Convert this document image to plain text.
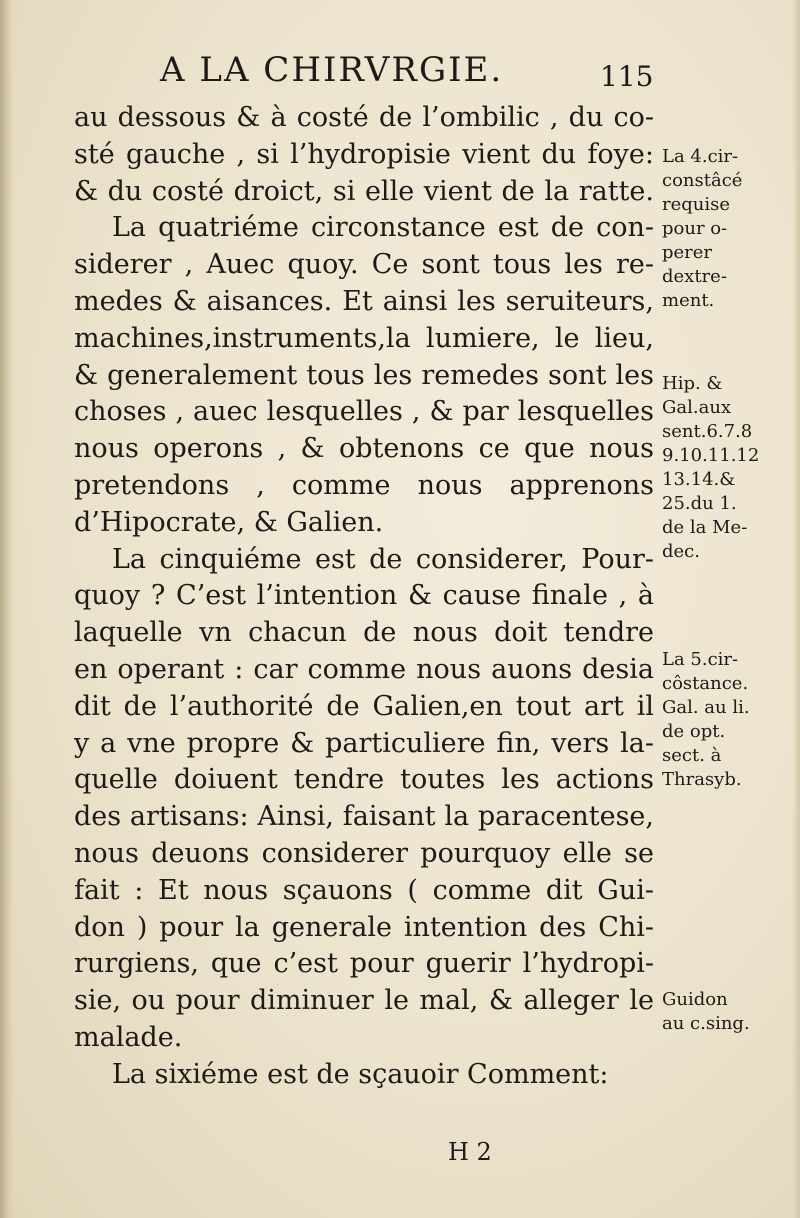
A LA CHIRVRGIE.	115
au dessous & à costé de l’ombilic , du co-
sté gauche , si l’hydropisie vient du foye:
& du costé droict, si elle vient de la ratte.
La quatriéme circonstance est de con-
siderer , Auec quoy. Ce sont tous les re-
medes & aisances. Et ainsi les seruiteurs,
machines,instruments,la lumiere, le lieu,
& generalement tous les remedes sont les
choses , auec lesquelles , & par lesquelles
nous operons , & obtenons ce que nous
pretendons , comme nous apprenons
d’Hipocrate, & Galien.
La cinquiéme est de considerer, Pour-
quoy ? C’est l’intention & cause finale , à
laquelle vn chacun de nous doit tendre
en operant : car comme nous auons desia
dit de l’authorité de Galien,en tout art il
y a vne propre & particuliere fin, vers la-
quelle doiuent tendre toutes les actions
des artisans: Ainsi, faisant la paracentese,
nous deuons considerer pourquoy elle se
fait : Et nous sçauons ( comme dit Gui-
don ) pour la generale intention des Chi-
rurgiens, que c’est pour guerir l’hydropi-
sie, ou pour diminuer le mal, & alleger le
malade.
La sixiéme est de sçauoir Comment:
La 4.cir-
constâcé
requise
pour o-
perer
dextre-
ment.
Hip. &
Gal.aux
sent.6.7.8
9.10.11.12
13.14.&
25.du 1.
de la Me-
dec.
La 5.cir-
côstance.
Gal. au li.
de opt.
sect. à
Thrasyb.
Guidon
au c.sing.
H 2
